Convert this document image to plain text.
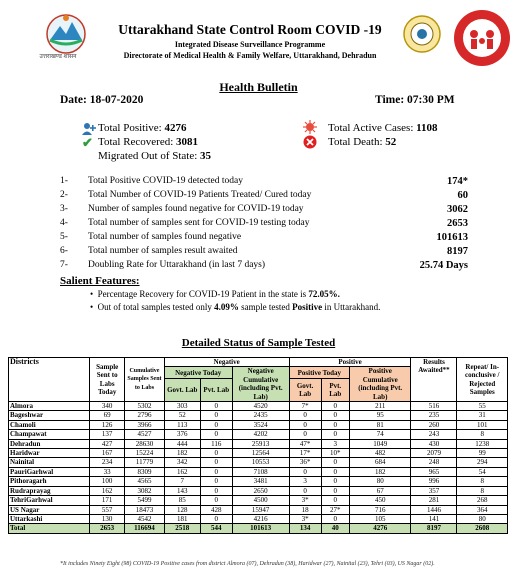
उत्तराखण्ड शासन
Uttarakhand State Control Room COVID -19
Integrated Disease Surveillance Programme
Directorate of Medical Health & Family Welfare, Uttarakhand, Dehradun
Health Bulletin
Date: 18-07-2020	Time: 07:30 PM
Total Positive: 4276
✔ Total Recovered: 3081
Migrated Out of State: 35
Total Active Cases: 1108
Total Death: 52
1- Total Positive COVID-19 detected today	174*
2- Total Number of COVID-19 Patients Treated/ Cured today	60
3- Number of samples found negative for COVID-19 today	3062
4- Total number of samples sent for COVID-19 testing today	2653
5- Total number of samples found negative	101613
6- Total number of samples result awaited	8197
7- Doubling Rate for Uttarakhand (in last 7 days)	25.74 Days
Salient Features:
•  Percentage Recovery for COVID-19 Patient in the state is 72.05%.
•  Out of total samples tested only 4.09% sample tested Positive in Uttarakhand.
Detailed Status of Sample Tested
Districts	Sample Sent to Labs Today	Cumulative Samples Sent to Labs	Negative			Positive			Results Awaited**	Repeat/ In-conclusive / Rejected Samples
			Negative Today		Negative Cumulative (including Pvt. Lab)	Positive Today		Positive Cumulative (including Pvt. Lab)		
			Govt. Lab	Pvt. Lab		Govt. Lab	Pvt. Lab			
Almora	340	5302	303	0	4520	7*	0	211	516	55
Bageshwar	69	2796	52	0	2435	0	0	95	235	31
Chamoli	126	3966	113	0	3524	0	0	81	260	101
Champawat	137	4527	376	0	4202	0	0	74	243	8
Dehradun	427	28630	444	116	25913	47*	3	1049	430	1238
Haridwar	167	15224	182	0	12564	17*	10*	482	2079	99
Nainital	234	11779	342	0	10553	36*	0	684	248	294
PauriGarhwal	33	8309	162	0	7108	0	0	182	965	54
Pithoragarh	100	4565	7	0	3481	3	0	80	996	8
Rudraprayag	162	3082	143	0	2650	0	0	67	357	8
TehriGarhwal	171	5499	85	0	4500	3*	0	450	281	268
US Nagar	557	18473	128	428	15947	18	27*	716	1446	364
Uttarkashi	130	4542	181	0	4216	3*	0	105	141	80
Total	2653	116694	2518	544	101613	134	40	4276	8197	2608
*It includes Ninety Eight (98) COVID-19 Positive cases from district Almora (07), Dehradun (38), Haridwar (27), Nainital (23), Tehri (03), US Nagar (02).
